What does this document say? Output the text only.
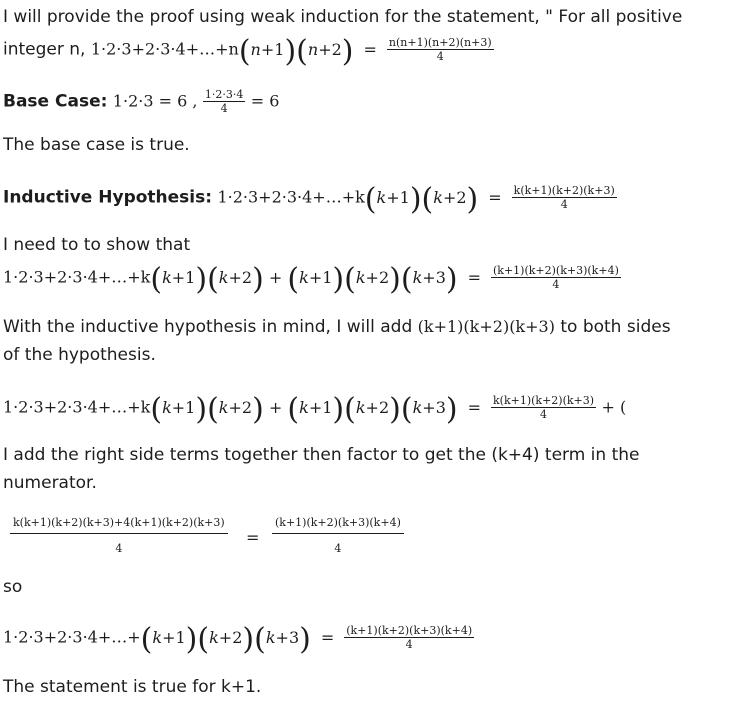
I will provide the proof using weak induction for the statement, " For all positive
integer n, 1·2·3+2·3·4+…+n(n+1)(n+2) = $\frac{n(n+1)(n+2)(n+3)}{4}$
Base Case: 1·2·3 = 6 , $\frac{1\cdot 2\cdot 3\cdot 4}{4} = 6$
The base case is true.
Inductive Hypothesis: 1·2·3+2·3·4+…+k(k+1)(k+2) = $\frac{k(k+1)(k+2)(k+3)}{4}$
I need to to show that
1·2·3+2·3·4+…+k(k+1)(k+2) + $(k+1)(k+2)(k+3) = \frac{(k+1)(k+2)(k+3)(k+4)}{4}$
With the inductive hypothesis in mind, I will add (k+1)(k+2)(k+3) to both sides
of the hypothesis.
1·2·3+2·3·4+…+k(k+1)(k+2) + $(k+1)(k+2)(k+3) = \frac{k(k+1)(k+2)(k+3)}{4}$ + (
I add the right side terms together then factor to get the (k+4) term in the
numerator.
$\frac{k(k+1)(k+2)(k+3)+4(k+1)(k+2)(k+3)}{4} = \frac{(k+1)(k+2)(k+3)(k+4)}{4}$
so
1·2·3+2·3·4+…+(k+1)(k+2)(k+3) = $\frac{(k+1)(k+2)(k+3)(k+4)}{4}$
The statement is true for k+1.
